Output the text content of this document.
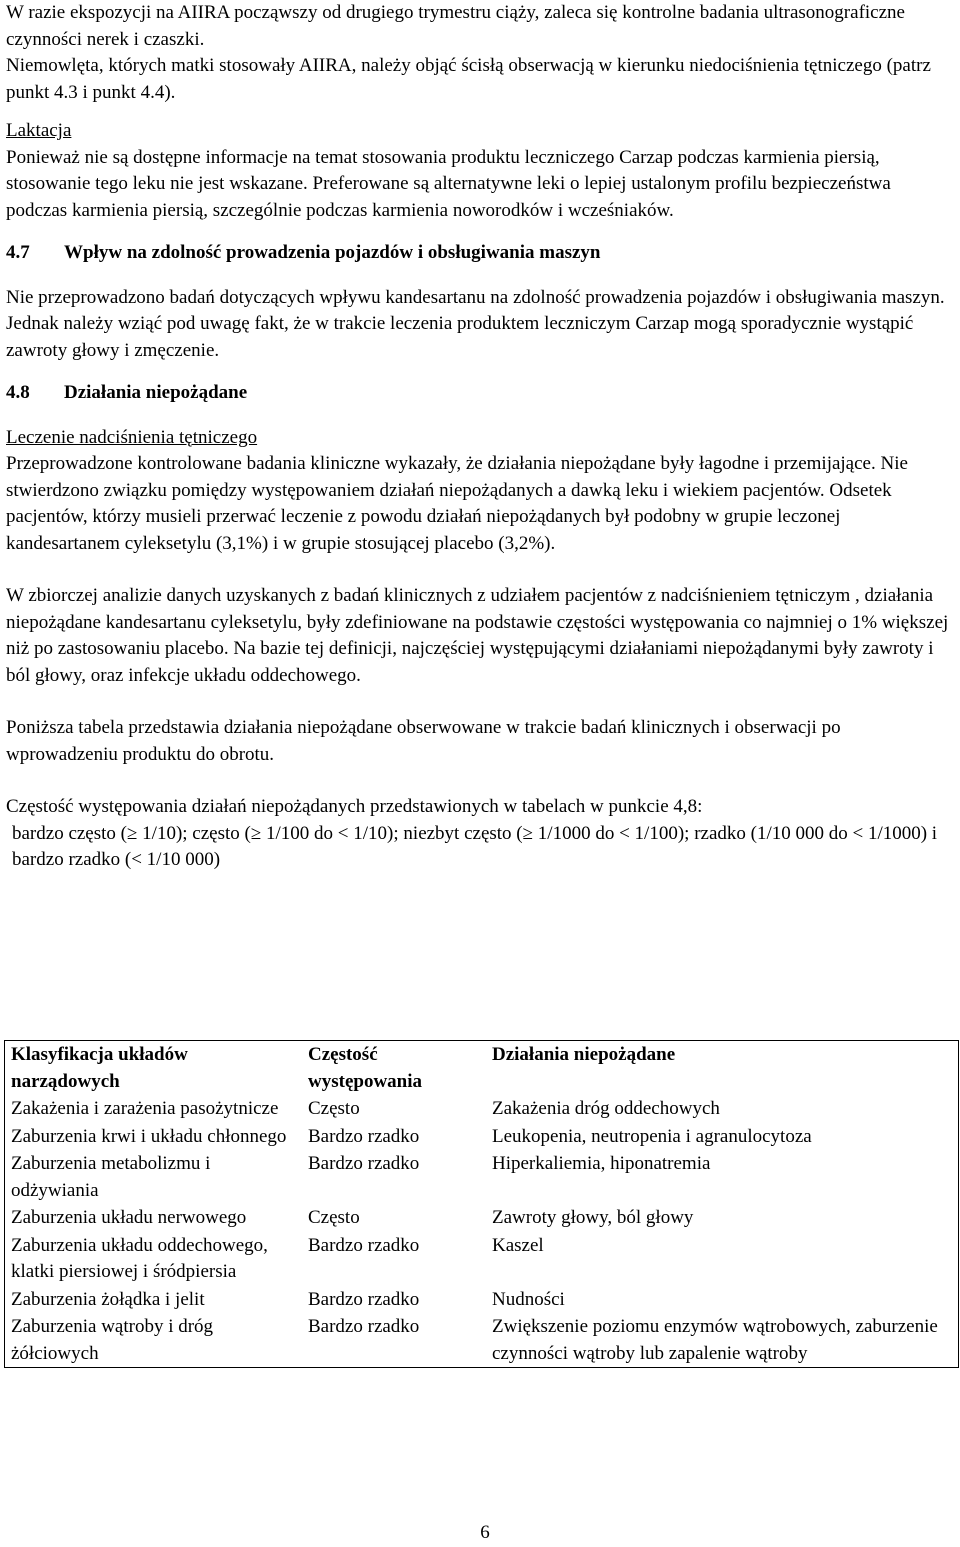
W razie ekspozycji na AIIRA począwszy od drugiego trymestru ciąży, zaleca się kontrolne badania ultrasonograficzne czynności nerek i czaszki.

Niemowlęta, których matki stosowały AIIRA, należy objąć ścisłą obserwacją w kierunku niedociśnienia tętniczego (patrz punkt 4.3 i punkt 4.4).

Laktacja

Ponieważ nie są dostępne informacje na temat stosowania produktu leczniczego Carzap podczas karmienia piersią, stosowanie tego leku nie jest wskazane. Preferowane są alternatywne leki o lepiej ustalonym profilu bezpieczeństwa podczas karmienia piersią, szczególnie podczas karmienia noworodków i wcześniaków.

4.7	Wpływ na zdolność prowadzenia pojazdów i obsługiwania maszyn

Nie przeprowadzono badań dotyczących wpływu kandesartanu na zdolność prowadzenia pojazdów i obsługiwania maszyn. Jednak należy wziąć pod uwagę fakt, że w trakcie leczenia produktem leczniczym Carzap mogą sporadycznie wystąpić zawroty głowy i zmęczenie.

4.8	Działania niepożądane

Leczenie nadciśnienia tętniczego

Przeprowadzone kontrolowane badania kliniczne wykazały, że działania niepożądane były łagodne i przemijające. Nie stwierdzono związku pomiędzy występowaniem działań niepożądanych a dawką leku i wiekiem pacjentów. Odsetek pacjentów, którzy musieli przerwać leczenie z powodu działań niepożądanych był podobny w grupie leczonej kandesartanem cyleksetylu (3,1%) i w grupie stosującej placebo (3,2%).

W zbiorczej analizie danych uzyskanych z badań klinicznych z udziałem pacjentów z nadciśnieniem tętniczym , działania niepożądane kandesartanu cyleksetylu, były zdefiniowane na podstawie częstości występowania co najmniej o 1% większej niż po zastosowaniu placebo. Na bazie tej definicji, najczęściej występującymi działaniami niepożądanymi były zawroty i ból głowy, oraz infekcje układu oddechowego.

Poniższa tabela przedstawia działania niepożądane obserwowane w trakcie badań klinicznych i obserwacji po wprowadzeniu produktu do obrotu.

Częstość występowania działań niepożądanych przedstawionych w tabelach w punkcie 4,8:

bardzo często (≥ 1/10); często (≥ 1/100 do < 1/10); niezbyt często (≥ 1/1000 do < 1/100); rzadko (1/10 000 do < 1/1000) i bardzo rzadko (< 1/10 000)

Klasyfikacja układów narządowych	Częstość występowania	Działania niepożądane
Zakażenia i zarażenia pasożytnicze	Często	Zakażenia dróg oddechowych
Zaburzenia krwi i układu chłonnego	Bardzo rzadko	Leukopenia, neutropenia i agranulocytoza
Zaburzenia metabolizmu i odżywiania	Bardzo rzadko	Hiperkaliemia, hiponatremia
Zaburzenia układu nerwowego	Często	Zawroty głowy, ból głowy
Zaburzenia układu oddechowego, klatki piersiowej i śródpiersia	Bardzo rzadko	Kaszel
Zaburzenia żołądka i jelit	Bardzo rzadko	Nudności
Zaburzenia wątroby i dróg żółciowych	Bardzo rzadko	Zwiększenie poziomu enzymów wątrobowych, zaburzenie czynności wątroby lub zapalenie wątroby
6
